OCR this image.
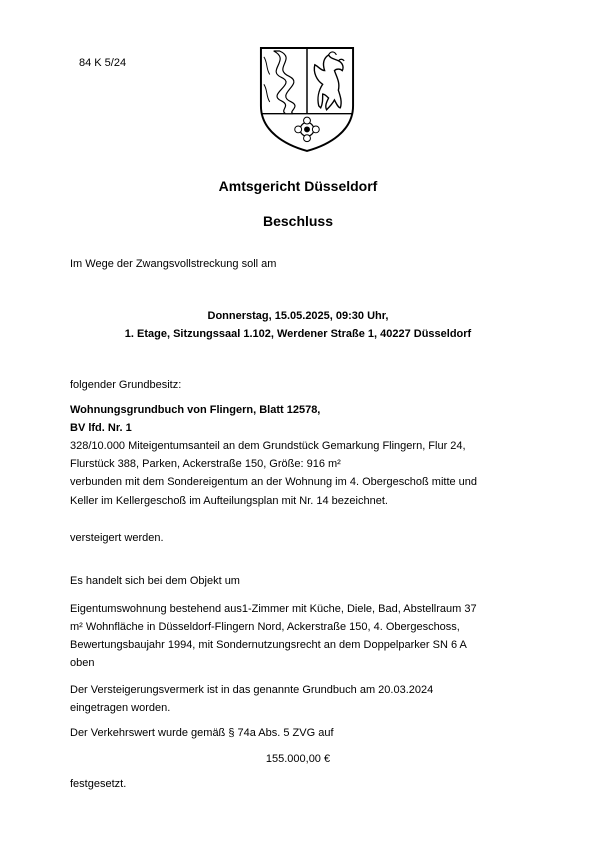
84 K 5/24
Amtsgericht Düsseldorf
Beschluss
Im Wege der Zwangsvollstreckung soll am
Donnerstag, 15.05.2025, 09:30 Uhr,
1. Etage, Sitzungssaal 1.102, Werdener Straße 1, 40227 Düsseldorf
folgender Grundbesitz:
Wohnungsgrundbuch von Flingern, Blatt 12578,
BV lfd. Nr. 1
328/10.000 Miteigentumsanteil an dem Grundstück Gemarkung Flingern, Flur 24,
Flurstück 388, Parken, Ackerstraße 150, Größe: 916 m²
verbunden mit dem Sondereigentum an der Wohnung im 4. Obergeschoß mitte und
Keller im Kellergeschoß im Aufteilungsplan mit Nr. 14 bezeichnet.
versteigert werden.
Es handelt sich bei dem Objekt um
Eigentumswohnung bestehend aus1-Zimmer mit Küche, Diele, Bad, Abstellraum 37
m² Wohnfläche in Düsseldorf-Flingern Nord, Ackerstraße 150, 4. Obergeschoss,
Bewertungsbaujahr 1994, mit Sondernutzungsrecht an dem Doppelparker SN 6 A
oben
Der Versteigerungsvermerk ist in das genannte Grundbuch am 20.03.2024
eingetragen worden.
Der Verkehrswert wurde gemäß § 74a Abs. 5 ZVG auf
155.000,00 €
festgesetzt.
